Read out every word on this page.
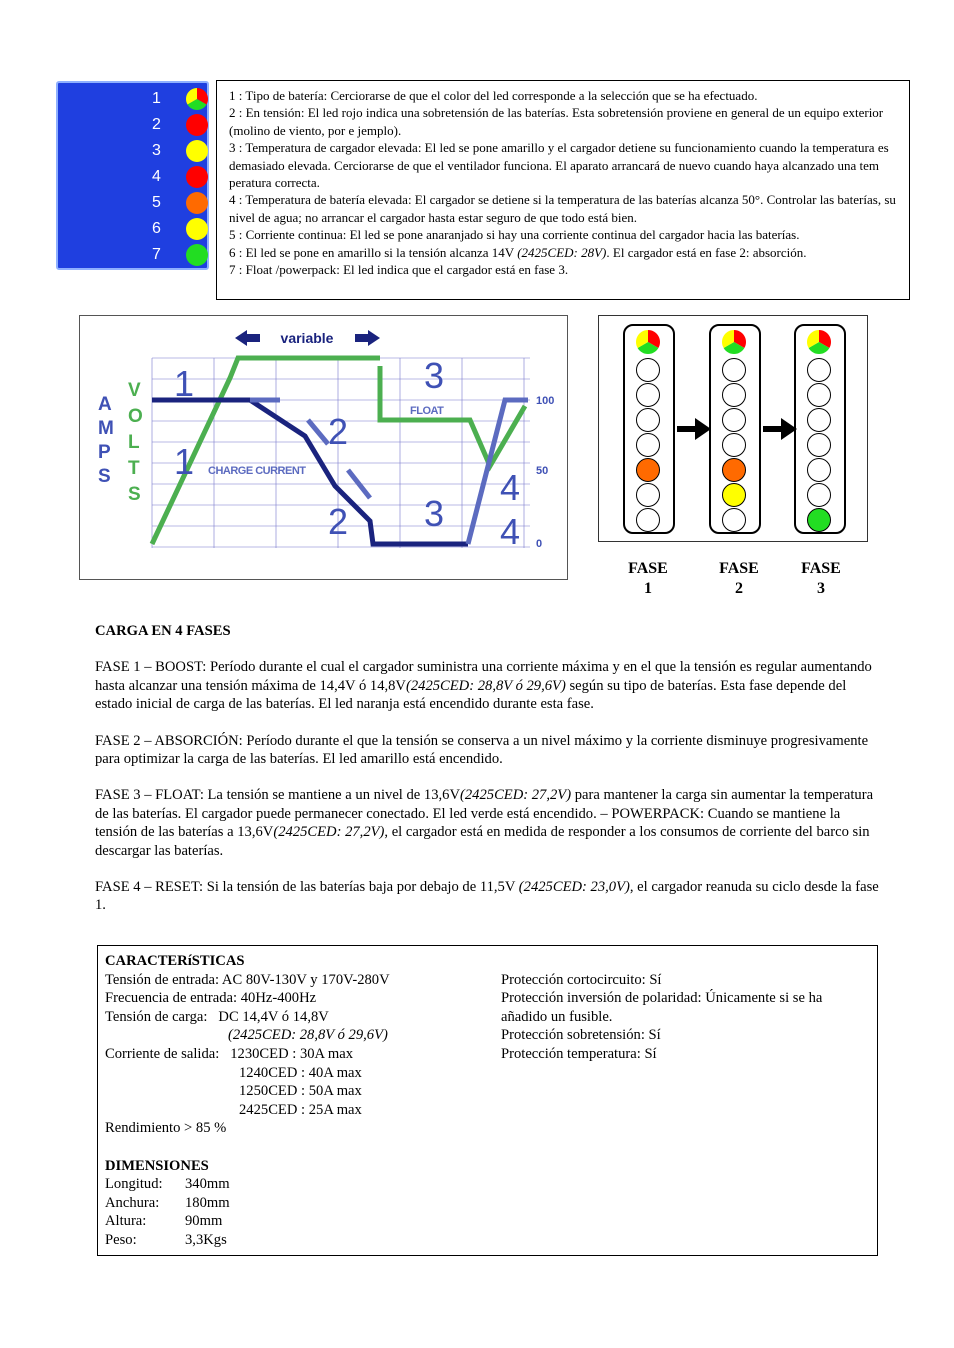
1
2
3
4
5
6
7

1 : Tipo de batería: Cerciorarse de que el color del led corresponde a la selección que se ha efectuado.

2 : En tensión: El led rojo indica una sobretensión de las baterías. Esta sobretensión proviene en general de un equipo exterior (molino de viento, por e jemplo).

3 : Temperatura de cargador elevada: El led se pone amarillo y el cargador detiene su funcionamiento cuando la temperatura es demasiado elevada. Cerciorarse de que el ventilador funciona. El aparato arrancará de nuevo cuando haya alcanzado una tem peratura correcta.

4 : Temperatura de batería elevada: El cargador se detiene si la temperatura de las baterías alcanza 50°. Controlar las baterías, su nivel de agua; no arrancar el cargador hasta estar seguro de que todo está bien.

5 : Corriente continua: El led se pone anaranjado si hay una corriente continua del cargador hacia las baterías.

6 : El led se pone en amarillo si la tensión alcanza 14V (2425CED: 28V). El cargador está en fase 2: absorción.

7 : Float /powerpack: El led indica que el cargador está en fase 3.

A
M
P
S
V
O
L
T
S
variable
FLOAT
CHARGE CURRENT
1
1
2
2
3
3
4
4
100
50
0
FASE
1
FASE
2
FASE
3

CARGA EN 4 FASES

FASE 1 – BOOST: Período durante el cual el cargador suministra una corriente máxima y en el que la tensión es regular aumentando hasta alcanzar una tensión máxima de 14,4V ó 14,8V(2425CED: 28,8V ó 29,6V) según su tipo de baterías. Esta fase depende del estado inicial de carga de las baterías. El led naranja está encendido durante esta fase.

FASE 2 – ABSORCIÓN: Período durante el que la tensión se conserva a un nivel máximo y la corriente disminuye progresivamente para optimizar la carga de las baterías. El led amarillo está encendido.

FASE 3 – FLOAT: La tensión se mantiene a un nivel de 13,6V(2425CED: 27,2V) para mantener la carga sin aumentar la temperatura de las baterías. El cargador puede permanecer conectado. El led verde está encendido. – POWERPACK: Cuando se mantiene la tensión de las baterías a 13,6V(2425CED: 27,2V), el cargador está en medida de responder a los consumos de corriente del barco sin descargar las baterías.

FASE 4 – RESET: Si la tensión de las baterías baja por debajo de 11,5V (2425CED: 23,0V), el cargador reanuda su ciclo desde la fase 1.

CARACTERíSTICAS
Tensión de entrada: AC 80V-130V y 170V-280V
Frecuencia de entrada: 40Hz-400Hz
Tensión de carga: DC 14,4V ó 14,8V
(2425CED: 28,8V ó 29,6V)
Corriente de salida: 1230CED : 30A max
1240CED : 40A max
1250CED : 50A max
2425CED : 25A max
Rendimiento > 85 %
DIMENSIONES
Longitud: 340mm
Anchura: 180mm
Altura:	90mm
Peso:	3,3Kgs
Protección cortocircuito: Sí
Protección inversión de polaridad: Únicamente si se ha
añadido un fusible.
Protección sobretensión: Sí
Protección temperatura: Sí
